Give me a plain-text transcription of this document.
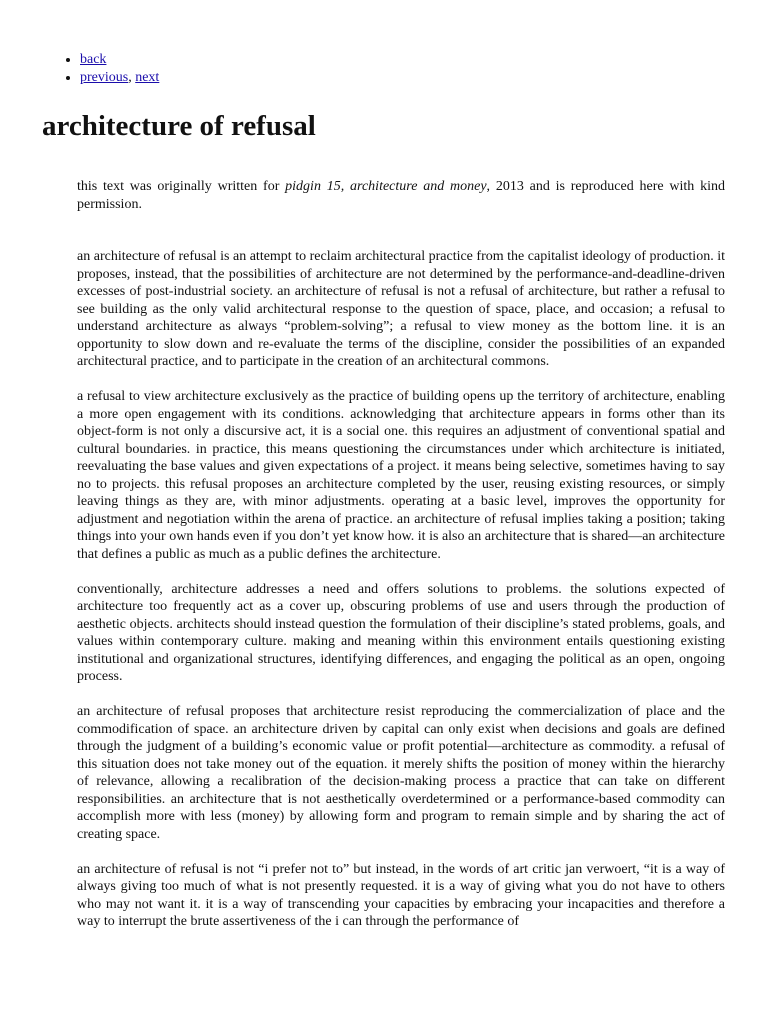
• back
• previous, next
architecture of refusal

this text was originally written for pidgin 15, architecture and money, 2013 and is reproduced here with kind permission.

an architecture of refusal is an attempt to reclaim architectural practice from the capitalist ideology of production. it proposes, instead, that the possibilities of architecture are not determined by the performance-and-deadline-driven excesses of post-industrial society. an architecture of refusal is not a refusal of architecture, but rather a refusal to see building as the only valid architectural response to the question of space, place, and occasion; a refusal to understand architecture as always “problem-solving”; a refusal to view money as the bottom line. it is an opportunity to slow down and re-evaluate the terms of the discipline, consider the possibilities of an expanded architectural practice, and to participate in the creation of an architectural commons.

a refusal to view architecture exclusively as the practice of building opens up the territory of architecture, enabling a more open engagement with its conditions. acknowledging that architecture appears in forms other than its object-form is not only a discursive act, it is a social one. this requires an adjustment of conventional spatial and cultural boundaries. in practice, this means questioning the circumstances under which architecture is initiated, reevaluating the base values and given expectations of a project. it means being selective, sometimes having to say no to projects. this refusal proposes an architecture completed by the user, reusing existing resources, or simply leaving things as they are, with minor adjustments. operating at a basic level, improves the opportunity for adjustment and negotiation within the arena of practice. an architecture of refusal implies taking a position; taking things into your own hands even if you don’t yet know how. it is also an architecture that is shared—an architecture that defines a public as much as a public defines the architecture.

conventionally, architecture addresses a need and offers solutions to problems. the solutions expected of architecture too frequently act as a cover up, obscuring problems of use and users through the production of aesthetic objects. architects should instead question the formulation of their discipline’s stated problems, goals, and values within contemporary culture. making and meaning within this environment entails questioning existing institutional and organizational structures, identifying differences, and engaging the political as an open, ongoing process.

an architecture of refusal proposes that architecture resist reproducing the commercialization of place and the commodification of space. an architecture driven by capital can only exist when decisions and goals are defined through the judgment of a building’s economic value or profit potential—architecture as commodity. a refusal of this situation does not take money out of the equation. it merely shifts the position of money within the hierarchy of relevance, allowing a recalibration of the decision-making process a practice that can take on different responsibilities. an architecture that is not aesthetically overdetermined or a performance-based commodity can accomplish more with less (money) by allowing form and program to remain simple and by sharing the act of creating space.

an architecture of refusal is not “i prefer not to” but instead, in the words of art critic jan verwoert, “it is a way of always giving too much of what is not presently requested. it is a way of giving what you do not have to others who may not want it. it is a way of transcending your capacities by embracing your incapacities and therefore a way to interrupt the brute assertiveness of the i can through the performance of
